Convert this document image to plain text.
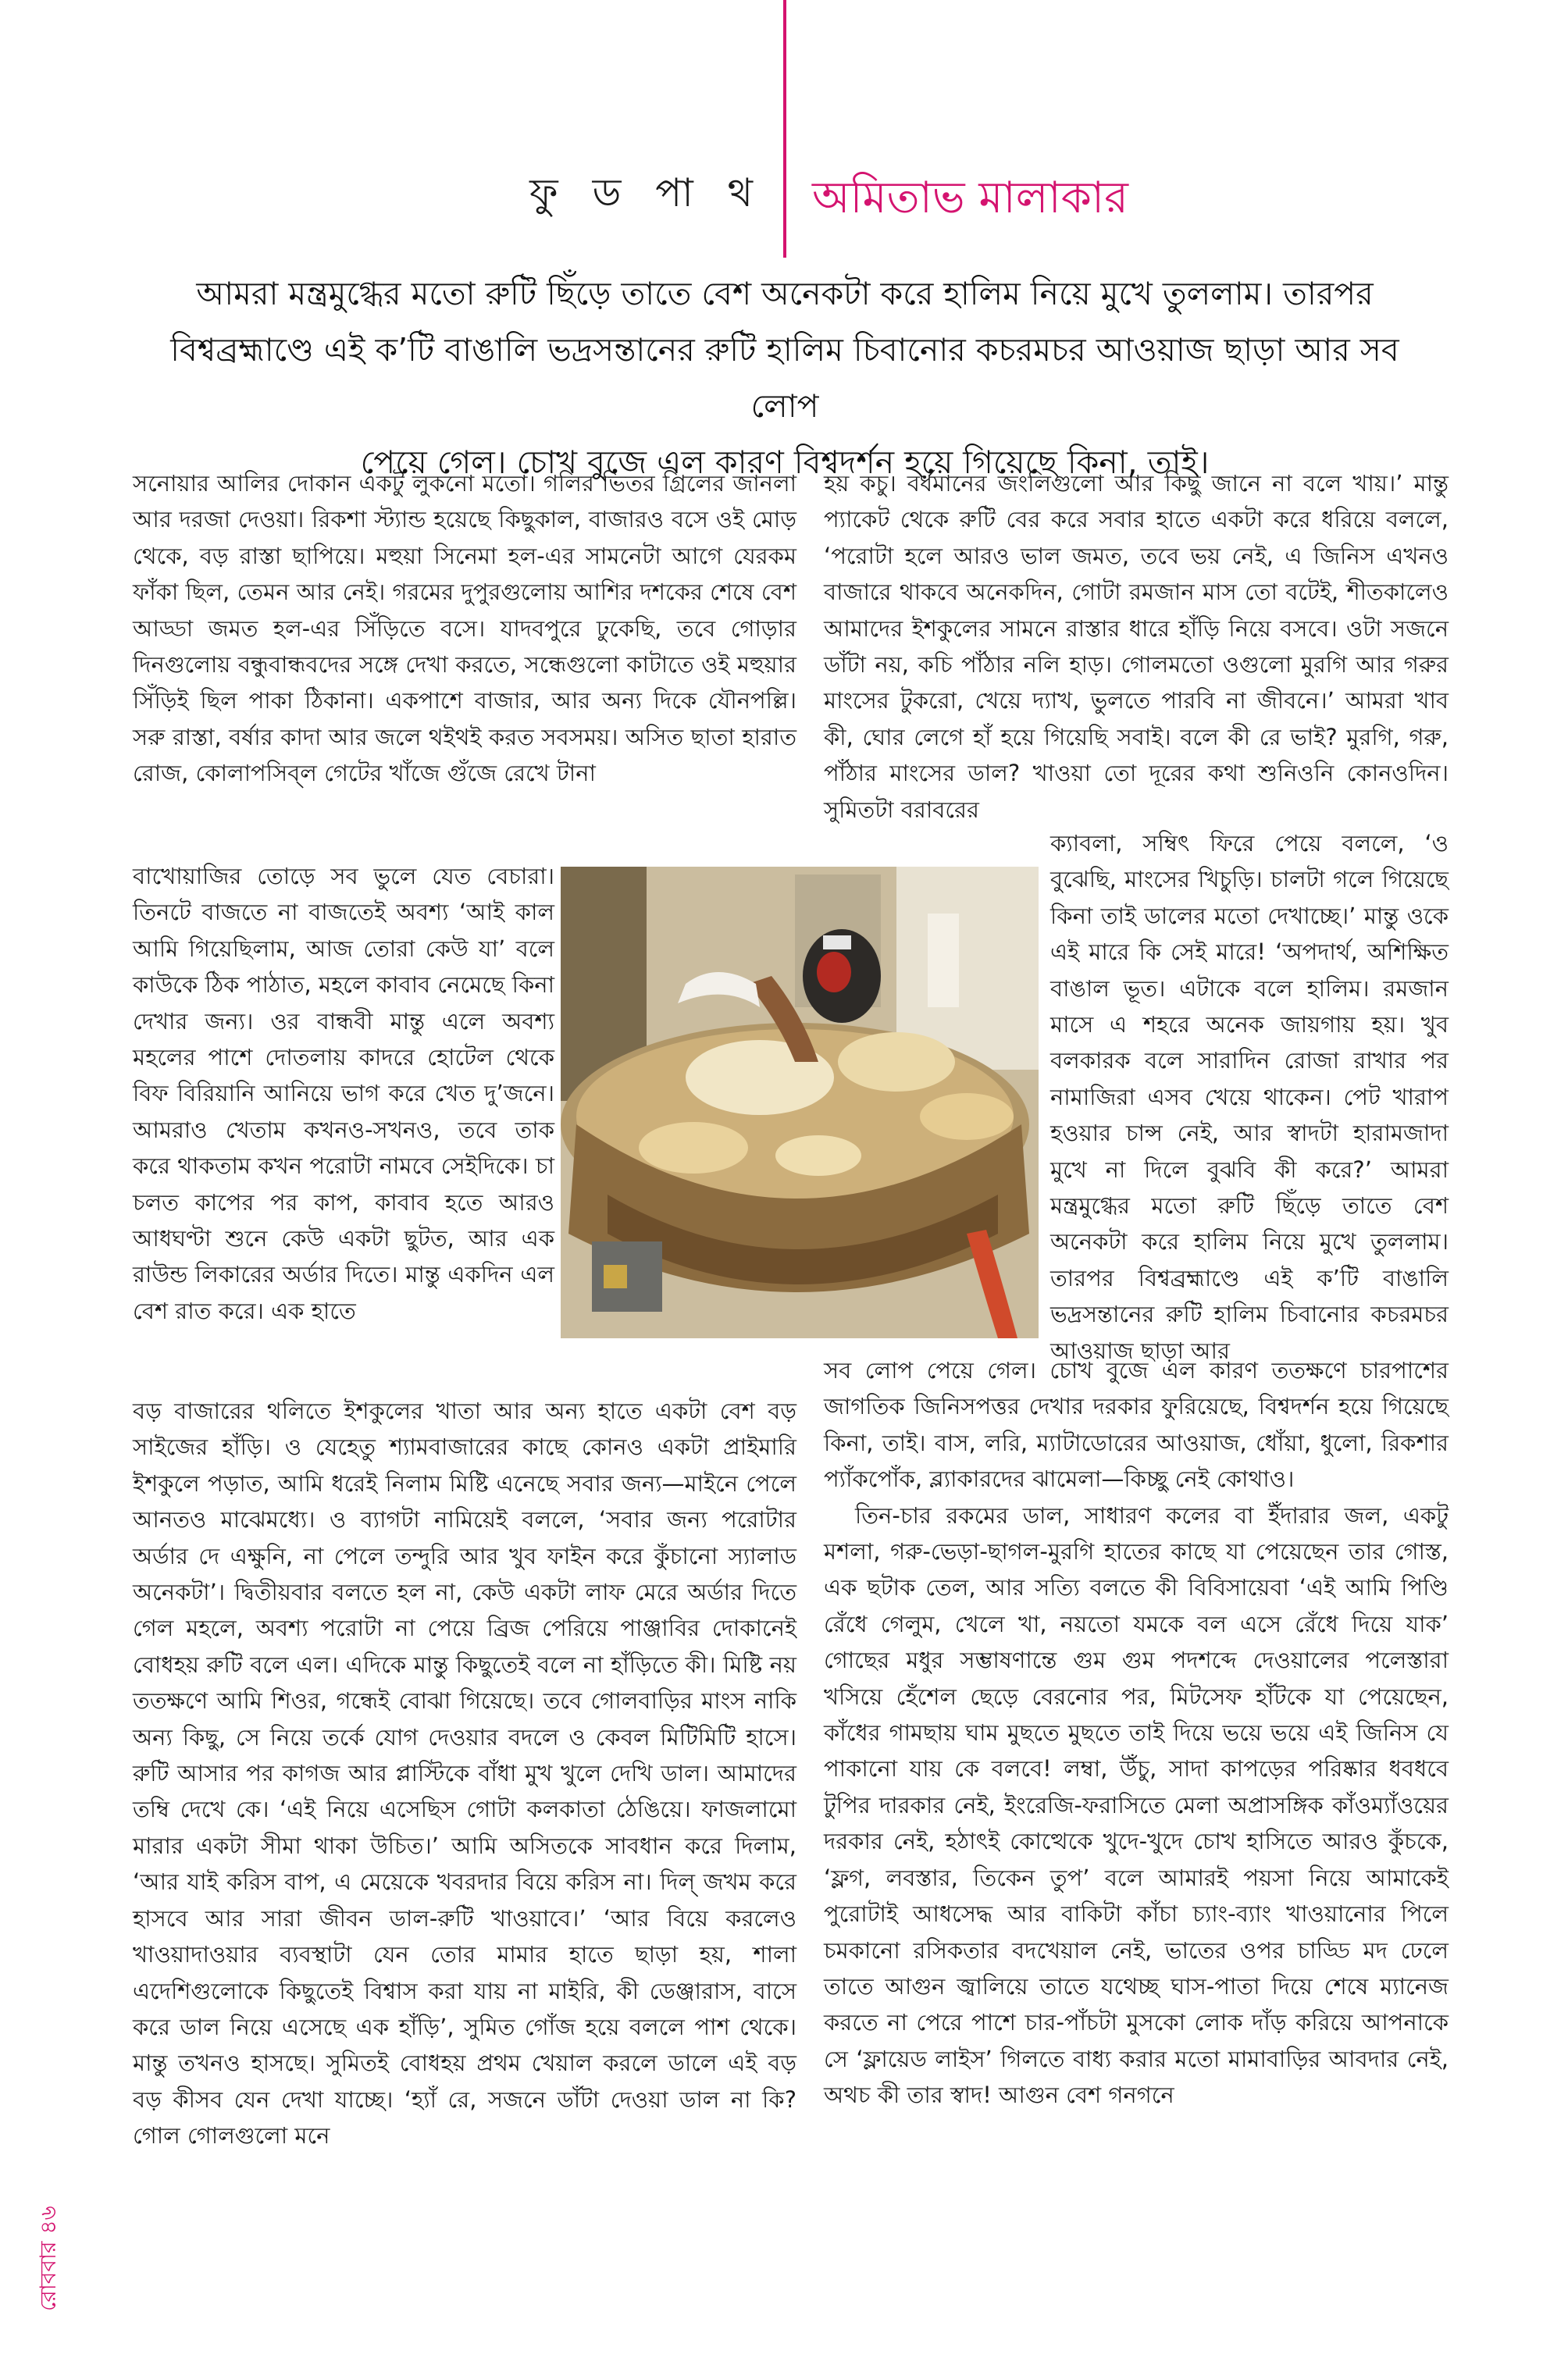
ফু ড পা থ অমিতাভ মালাকার
আমরা মন্ত্রমুগ্ধের মতো রুটি ছিঁড়ে তাতে বেশ অনেকটা করে হালিম নিয়ে মুখে তুললাম। তারপর
বিশ্বব্রহ্মাণ্ডে এই ক’টি বাঙালি ভদ্রসন্তানের রুটি হালিম চিবানোর কচরমচর আওয়াজ ছাড়া আর সব লোপ
পেয়ে গেল। চোখ বুজে এল কারণ বিশ্বদর্শন হয়ে গিয়েছে কিনা, তাই।

সনোয়ার আলির দোকান একটু লুকনো মতো। গলির ভিতর গ্রিলের জানলা আর দরজা দেওয়া। রিকশা স্ট্যান্ড হয়েছে কিছুকাল, বাজারও বসে ওই মোড় থেকে, বড় রাস্তা ছাপিয়ে। মহুয়া সিনেমা হল-এর সামনেটা আগে যেরকম ফাঁকা ছিল, তেমন আর নেই। গরমের দুপুরগুলোয় আশির দশকের শেষে বেশ আড্ডা জমত হল-এর সিঁড়িতে বসে। যাদবপুরে ঢুকেছি, তবে গোড়ার দিনগুলোয় বন্ধুবান্ধবদের সঙ্গে দেখা করতে, সন্ধেগুলো কাটাতে ওই মহুয়ার সিঁড়িই ছিল পাকা ঠিকানা। একপাশে বাজার, আর অন্য দিকে যৌনপল্লি। সরু রাস্তা, বর্ষার কাদা আর জলে থইথই করত সবসময়। অসিত ছাতা হারাত রোজ, কোলাপসিব্‌ল গেটের খাঁজে গুঁজে রেখে টানা

বাখোয়াজির তোড়ে সব ভুলে যেত বেচারা। তিনটে বাজতে না বাজতেই অবশ্য ‘আই কাল আমি গিয়েছিলাম, আজ তোরা কেউ যা’ বলে কাউকে ঠিক পাঠাত, মহলে কাবাব নেমেছে কিনা দেখার জন্য। ওর বান্ধবী মান্তু এলে অবশ্য মহলের পাশে দোতলায় কাদরে হোটেল থেকে বিফ বিরিয়ানি আনিয়ে ভাগ করে খেত দু’জনে। আমরাও খেতাম কখনও-সখনও, তবে তাক করে থাকতাম কখন পরোটা নামবে সেইদিকে। চা চলত কাপের পর কাপ, কাবাব হতে আরও আধঘণ্টা শুনে কেউ একটা ছুটত, আর এক রাউন্ড লিকারের অর্ডার দিতে। মান্তু একদিন এল বেশ রাত করে। এক হাতে

বড় বাজারের থলিতে ইশকুলের খাতা আর অন্য হাতে একটা বেশ বড় সাইজের হাঁড়ি। ও যেহেতু শ্যামবাজারের কাছে কোনও একটা প্রাইমারি ইশকুলে পড়াত, আমি ধরেই নিলাম মিষ্টি এনেছে সবার জন্য—মাইনে পেলে আনতও মাঝেমধ্যে। ও ব্যাগটা নামিয়েই বললে, ‘সবার জন্য পরোটার অর্ডার দে এক্ষুনি, না পেলে তন্দুরি আর খুব ফাইন করে কুঁচানো স্যালাড অনেকটা’। দ্বিতীয়বার বলতে হল না, কেউ একটা লাফ মেরে অর্ডার দিতে গেল মহলে, অবশ্য পরোটা না পেয়ে ব্রিজ পেরিয়ে পাঞ্জাবির দোকানেই বোধহয় রুটি বলে এল। এদিকে মান্তু কিছুতেই বলে না হাঁড়িতে কী। মিষ্টি নয় ততক্ষণে আমি শিওর, গন্ধেই বোঝা গিয়েছে। তবে গোলবাড়ির মাংস নাকি অন্য কিছু, সে নিয়ে তর্কে যোগ দেওয়ার বদলে ও কেবল মিটিমিটি হাসে। রুটি আসার পর কাগজ আর প্লাস্টিকে বাঁধা মুখ খুলে দেখি ডাল। আমাদের তম্বি দেখে কে। ‘এই নিয়ে এসেছিস গোটা কলকাতা ঠেঙিয়ে। ফাজলামো মারার একটা সীমা থাকা উচিত।’ আমি অসিতকে সাবধান করে দিলাম, ‘আর যাই করিস বাপ, এ মেয়েকে খবরদার বিয়ে করিস না। দিল্‌ জখম করে হাসবে আর সারা জীবন ডাল-রুটি খাওয়াবে।’ ‘আর বিয়ে করলেও খাওয়াদাওয়ার ব্যবস্থাটা যেন তোর মামার হাতে ছাড়া হয়, শালা এদেশিগুলোকে কিছুতেই বিশ্বাস করা যায় না মাইরি, কী ডেঞ্জারাস, বাসে করে ডাল নিয়ে এসেছে এক হাঁড়ি’, সুমিত গোঁজ হয়ে বললে পাশ থেকে। মান্তু তখনও হাসছে। সুমিতই বোধহয় প্রথম খেয়াল করলে ডালে এই বড় বড় কীসব যেন দেখা যাচ্ছে। ‘হ্যাঁ রে, সজনে ডাঁটা দেওয়া ডাল না কি? গোল গোলগুলো মনে

হয় কচু। বর্ধমানের জংলিগুলো আর কিছু জানে না বলে খায়।’ মান্তু প্যাকেট থেকে রুটি বের করে সবার হাতে একটা করে ধরিয়ে বললে, ‘পরোটা হলে আরও ভাল জমত, তবে ভয় নেই, এ জিনিস এখনও বাজারে থাকবে অনেকদিন, গোটা রমজান মাস তো বটেই, শীতকালেও আমাদের ইশকুলের সামনে রাস্তার ধারে হাঁড়ি নিয়ে বসবে। ওটা সজনে ডাঁটা নয়, কচি পাঁঠার নলি হাড়। গোলমতো ওগুলো মুরগি আর গরুর মাংসের টুকরো, খেয়ে দ্যাখ, ভুলতে পারবি না জীবনে।’ আমরা খাব কী, ঘোর লেগে হাঁ হয়ে গিয়েছি সবাই। বলে কী রে ভাই? মুরগি, গরু, পাঁঠার মাংসের ডাল? খাওয়া তো দূরের কথা শুনিওনি কোনওদিন। সুমিতটা বরাবরের

ক্যাবলা, সম্বিৎ ফিরে পেয়ে বললে, ‘ও বুঝেছি, মাংসের খিচুড়ি। চালটা গলে গিয়েছে কিনা তাই ডালের মতো দেখাচ্ছে।’ মান্তু ওকে এই মারে কি সেই মারে! ‘অপদার্থ, অশিক্ষিত বাঙাল ভূত। এটাকে বলে হালিম। রমজান মাসে এ শহরে অনেক জায়গায় হয়। খুব বলকারক বলে সারাদিন রোজা রাখার পর নামাজিরা এসব খেয়ে থাকেন। পেট খারাপ হওয়ার চান্স নেই, আর স্বাদটা হারামজাদা মুখে না দিলে বুঝবি কী করে?’ আমরা মন্ত্রমুগ্ধের মতো রুটি ছিঁড়ে তাতে বেশ অনেকটা করে হালিম নিয়ে মুখে তুললাম। তারপর বিশ্বব্রহ্মাণ্ডে এই ক’টি বাঙালি ভদ্রসন্তানের রুটি হালিম চিবানোর কচরমচর আওয়াজ ছাড়া আর

সব লোপ পেয়ে গেল। চোখ বুজে এল কারণ ততক্ষণে চারপাশের জাগতিক জিনিসপত্তর দেখার দরকার ফুরিয়েছে, বিশ্বদর্শন হয়ে গিয়েছে কিনা, তাই। বাস, লরি, ম্যাটাডোরের আওয়াজ, ধোঁয়া, ধুলো, রিকশার প্যাঁকপোঁক, ব্ল্যাকারদের ঝামেলা—কিচ্ছু নেই কোথাও।

তিন-চার রকমের ডাল, সাধারণ কলের বা ইঁদারার জল, একটু মশলা, গরু-ভেড়া-ছাগল-মুরগি হাতের কাছে যা পেয়েছেন তার গোস্ত, এক ছটাক তেল, আর সত্যি বলতে কী বিবিসায়েবা ‘এই আমি পিণ্ডি রেঁধে গেলুম, খেলে খা, নয়তো যমকে বল এসে রেঁধে দিয়ে যাক’ গোছের মধুর সম্ভাষণান্তে গুম গুম পদশব্দে দেওয়ালের পলেস্তারা খসিয়ে হেঁশেল ছেড়ে বেরনোর পর, মিটসেফ হাঁটকে যা পেয়েছেন, কাঁধের গামছায় ঘাম মুছতে মুছতে তাই দিয়ে ভয়ে ভয়ে এই জিনিস যে পাকানো যায় কে বলবে! লম্বা, উঁচু, সাদা কাপড়ের পরিষ্কার ধবধবে টুপির দারকার নেই, ইংরেজি-ফরাসিতে মেলা অপ্রাসঙ্গিক কাঁওম্যাঁওয়ের দরকার নেই, হঠাৎই কোত্থেকে খুদে-খুদে চোখ হাসিতে আরও কুঁচকে, ‘ফ্লগ, লবস্তার, তিকেন তুপ’ বলে আমারই পয়সা নিয়ে আমাকেই পুরোটাই আধসেদ্ধ আর বাকিটা কাঁচা চ্যাং-ব্যাং খাওয়ানোর পিলে চমকানো রসিকতার বদখেয়াল নেই, ভাতের ওপর চাড্ডি মদ ঢেলে তাতে আগুন জ্বালিয়ে তাতে যথেচ্ছ ঘাস-পাতা দিয়ে শেষে ম্যানেজ করতে না পেরে পাশে চার-পাঁচটা মুসকো লোক দাঁড় করিয়ে আপনাকে সে ‘ফ্লায়েড লাইস’ গিলতে বাধ্য করার মতো মামাবাড়ির আবদার নেই, অথচ কী তার স্বাদ! আগুন বেশ গনগনে

রোববার ৪৬
